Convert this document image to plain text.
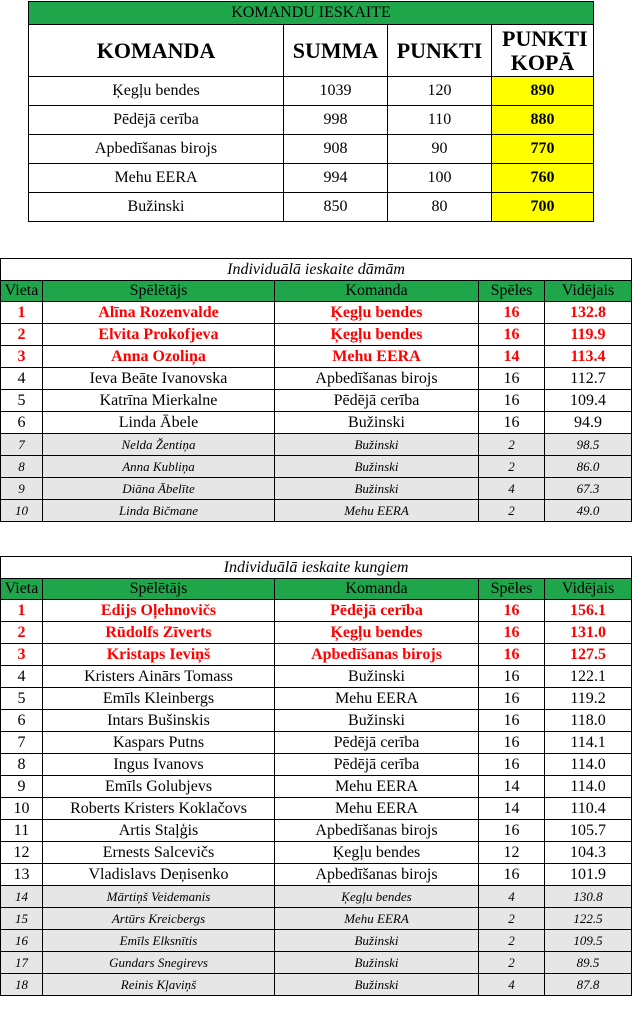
KOMANDU IESKAITE			
KOMANDA	SUMMA	PUNKTI	PUNKTI KOPĀ
Ķegļu bendes	1039	120	890
Pēdējā cerība	998	110	880
Apbedīšanas birojs	908	90	770
Mehu EERA	994	100	760
Bužinski	850	80	700
Individuālā ieskaite dāmām				
Vieta	Spēlētājs	Komanda	Spēles	Vidējais
1	Alīna Rozenvalde	Ķegļu bendes	16	132.8
2	Elvita Prokofjeva	Ķegļu bendes	16	119.9
3	Anna Ozoliņa	Mehu EERA	14	113.4
4	Ieva Beāte Ivanovska	Apbedīšanas birojs	16	112.7
5	Katrīna Mierkalne	Pēdējā cerība	16	109.4
6	Linda Ābele	Bužinski	16	94.9
7	Nelda Žentiņa	Bužinski	2	98.5
8	Anna Kubliņa	Bužinski	2	86.0
9	Diāna Ābelīte	Bužinski	4	67.3
10	Linda Bičmane	Mehu EERA	2	49.0
Individuālā ieskaite kungiem				
Vieta	Spēlētājs	Komanda	Spēles	Vidējais
1	Edijs Oļehnovičs	Pēdējā cerība	16	156.1
2	Rūdolfs Zīverts	Ķegļu bendes	16	131.0
3	Kristaps Ieviņš	Apbedīšanas birojs	16	127.5
4	Kristers Ainārs Tomass	Bužinski	16	122.1
5	Emīls Kleinbergs	Mehu EERA	16	119.2
6	Intars Bušinskis	Bužinski	16	118.0
7	Kaspars Putns	Pēdējā cerība	16	114.1
8	Ingus Ivanovs	Pēdējā cerība	16	114.0
9	Emīls Golubjevs	Mehu EERA	14	114.0
10	Roberts Kristers Koklačovs	Mehu EERA	14	110.4
11	Artis Staļģis	Apbedīšanas birojs	16	105.7
12	Ernests Salcevičs	Ķegļu bendes	12	104.3
13	Vladislavs Deņisenko	Apbedīšanas birojs	16	101.9
14	Mārtiņš Veidemanis	Ķegļu bendes	4	130.8
15	Artūrs Kreicbergs	Mehu EERA	2	122.5
16	Emīls Elksnītis	Bužinski	2	109.5
17	Gundars Snegirevs	Bužinski	2	89.5
18	Reinis Kļaviņš	Bužinski	4	87.8
